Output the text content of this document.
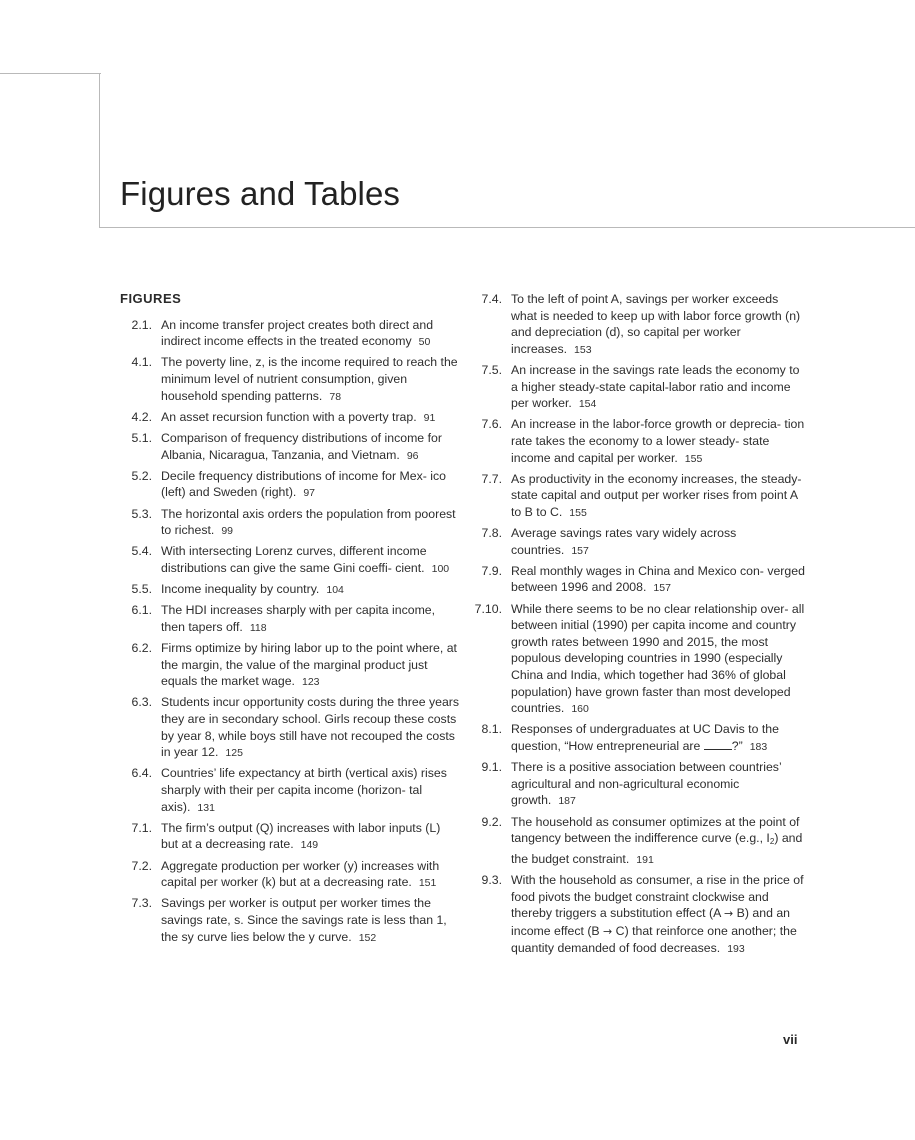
Figures and Tables
FIGURES
2.1. An income transfer project creates both direct and indirect income effects in the treated economy 50
4.1. The poverty line, z, is the income required to reach the minimum level of nutrient consumption, given household spending patterns. 78
4.2. An asset recursion function with a poverty trap. 91
5.1. Comparison of frequency distributions of income for Albania, Nicaragua, Tanzania, and Vietnam. 96
5.2. Decile frequency distributions of income for Mex- ico (left) and Sweden (right). 97
5.3. The horizontal axis orders the population from poorest to richest. 99
5.4. With intersecting Lorenz curves, different income distributions can give the same Gini coeffi- cient. 100
5.5. Income inequality by country. 104
6.1. The HDI increases sharply with per capita income, then tapers off. 118
6.2. Firms optimize by hiring labor up to the point where, at the margin, the value of the marginal product just equals the market wage. 123
6.3. Students incur opportunity costs during the three years they are in secondary school. Girls recoup these costs by year 8, while boys still have not recouped the costs in year 12. 125
6.4. Countries’ life expectancy at birth (vertical axis) rises sharply with their per capita income (horizon- tal axis). 131
7.1. The firm’s output (Q) increases with labor inputs (L) but at a decreasing rate. 149
7.2. Aggregate production per worker (y) increases with capital per worker (k) but at a decreasing rate. 151
7.3. Savings per worker is output per worker times the savings rate, s. Since the savings rate is less than 1, the sy curve lies below the y curve. 152
7.4. To the left of point A, savings per worker exceeds what is needed to keep up with labor force growth (n) and depreciation (d), so capital per worker increases. 153
7.5. An increase in the savings rate leads the economy to a higher steady-state capital-labor ratio and income per worker. 154
7.6. An increase in the labor-force growth or deprecia- tion rate takes the economy to a lower steady- state income and capital per worker. 155
7.7. As productivity in the economy increases, the steady-state capital and output per worker rises from point A to B to C. 155
7.8. Average savings rates vary widely across countries. 157
7.9. Real monthly wages in China and Mexico con- verged between 1996 and 2008. 157
7.10. While there seems to be no clear relationship over- all between initial (1990) per capita income and country growth rates between 1990 and 2015, the most populous developing countries in 1990 (especially China and India, which together had 36% of global population) have grown faster than most developed countries. 160
8.1. Responses of undergraduates at UC Davis to the question, “How entrepreneurial are ?” 183
9.1. There is a positive association between countries’ agricultural and non-agricultural economic growth. 187
9.2. The household as consumer optimizes at the point of tangency between the indifference curve (e.g., $I_2$) and the budget constraint. 191
9.3. With the household as consumer, a rise in the price of food pivots the budget constraint clockwise and thereby triggers a substitution effect (A → B) and an income effect (B → C) that reinforce one another; the quantity demanded of food decreases. 193
vii
